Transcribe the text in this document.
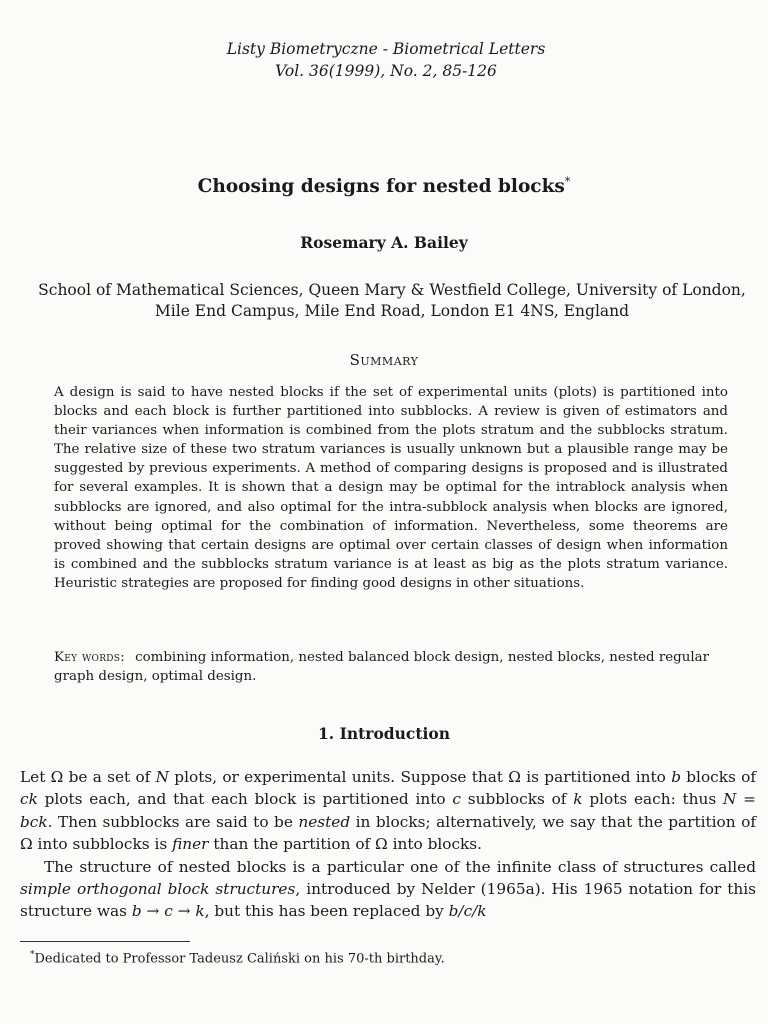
Listy Biometryczne - Biometrical Letters
Vol. 36(1999), No. 2, 85-126
Choosing designs for nested blocks*
Rosemary A. Bailey
School of Mathematical Sciences, Queen Mary & Westfield College, University of London, Mile End Campus, Mile End Road, London E1 4NS, England
Summary
A design is said to have nested blocks if the set of experimental units (plots) is partitioned into blocks and each block is further partitioned into subblocks. A review is given of estimators and their variances when information is combined from the plots stratum and the subblocks stratum. The relative size of these two stratum variances is usually unknown but a plausible range may be suggested by previous experiments. A method of comparing designs is proposed and is illustrated for several examples. It is shown that a design may be optimal for the intrablock analysis when subblocks are ignored, and also optimal for the intra-subblock analysis when blocks are ignored, without being optimal for the combination of information. Nevertheless, some theorems are proved showing that certain designs are optimal over certain classes of design when information is combined and the subblocks stratum variance is at least as big as the plots stratum variance. Heuristic strategies are proposed for finding good designs in other situations.
Key words: combining information, nested balanced block design, nested blocks, nested regular graph design, optimal design.
1. Introduction

Let Ω be a set of N plots, or experimental units. Suppose that Ω is partitioned into b blocks of ck plots each, and that each block is partitioned into c subblocks of k plots each: thus N = bck. Then subblocks are said to be nested in blocks; alternatively, we say that the partition of Ω into subblocks is finer than the partition of Ω into blocks.

The structure of nested blocks is a particular one of the infinite class of structures called simple orthogonal block structures, introduced by Nelder (1965a). His 1965 notation for this structure was b → c → k, but this has been replaced by b/c/k

*Dedicated to Professor Tadeusz Caliński on his 70-th birthday.
